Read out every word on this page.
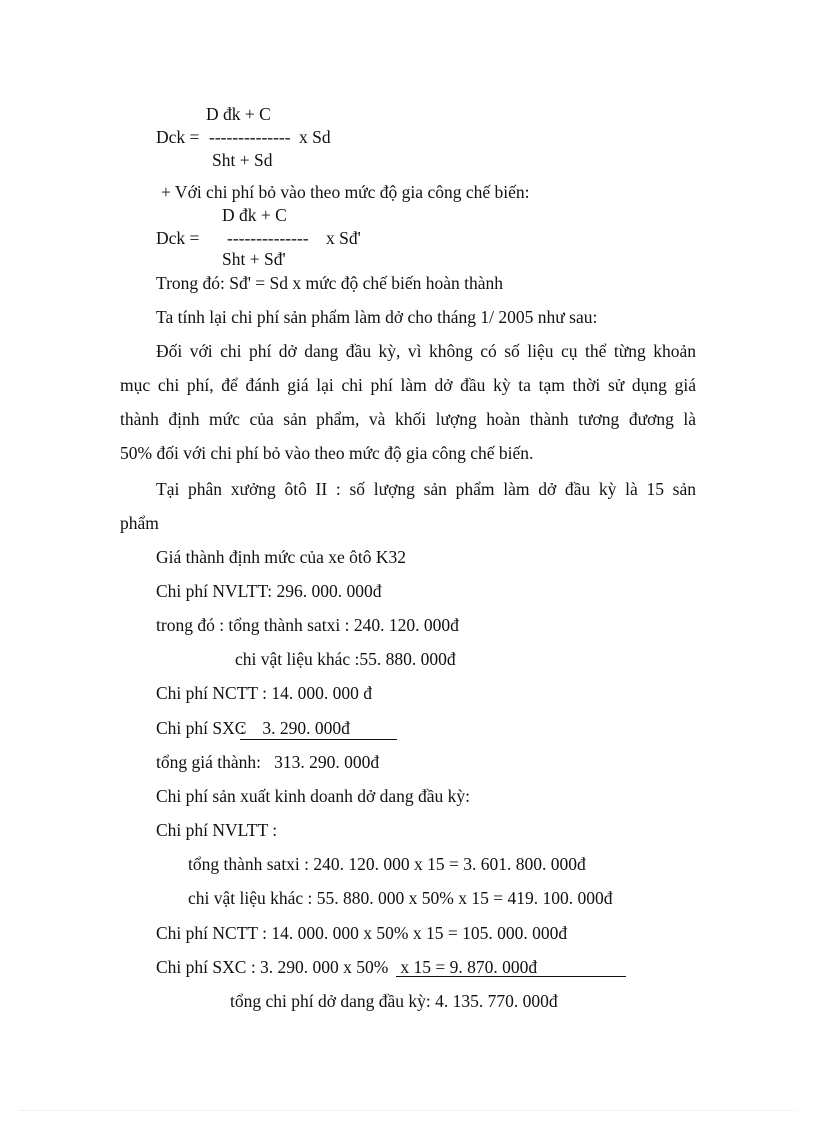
D đk + C
Dck = -------------- x Sd
Sht + Sd
+ Với chi phí bỏ vào theo mức độ gia công chế biến:
D đk + C
Dck = -------------- x Sđ'
Sht + Sđ'
Trong đó: Sđ' = Sd x mức độ chế biến hoàn thành
Ta tính lại chi phí sản phẩm làm dở cho tháng 1/ 2005 như sau:
Đối với chi phí dở dang đầu kỳ, vì không có số liệu cụ thể từng khoản
mục chi phí, để đánh giá lại chi phí làm dở đầu kỳ ta tạm thời sử dụng giá
thành định mức của sản phẩm, và khối lượng hoàn thành tương đương là
50% đối với chi phí bỏ vào theo mức độ gia công chế biến.
Tại phân xưởng ôtô II : số lượng sản phẩm làm dở đầu kỳ là 15 sản
phẩm
Giá thành định mức của xe ôtô K32
Chi phí NVLTT: 296. 000. 000đ
trong đó : tổng thành satxi : 240. 120. 000đ
chi vật liệu khác :55. 880. 000đ
Chi phí NCTT : 14. 000. 000 đ
Chi phí SXC
:    3. 290. 000đ
tổng giá thành:   313. 290. 000đ
Chi phí sản xuất kinh doanh dở dang đầu kỳ:
Chi phí NVLTT :
tổng thành satxi : 240. 120. 000 x 15 = 3. 601. 800. 000đ
chi vật liệu khác : 55. 880. 000 x 50% x 15 = 419. 100. 000đ
Chi phí NCTT : 14. 000. 000 x 50% x 15 = 105. 000. 000đ
Chi phí SXC : 3. 290. 000 x 50% x 15 = 9. 870. 000đ
tổng chi phí dở dang đầu kỳ: 4. 135. 770. 000đ
